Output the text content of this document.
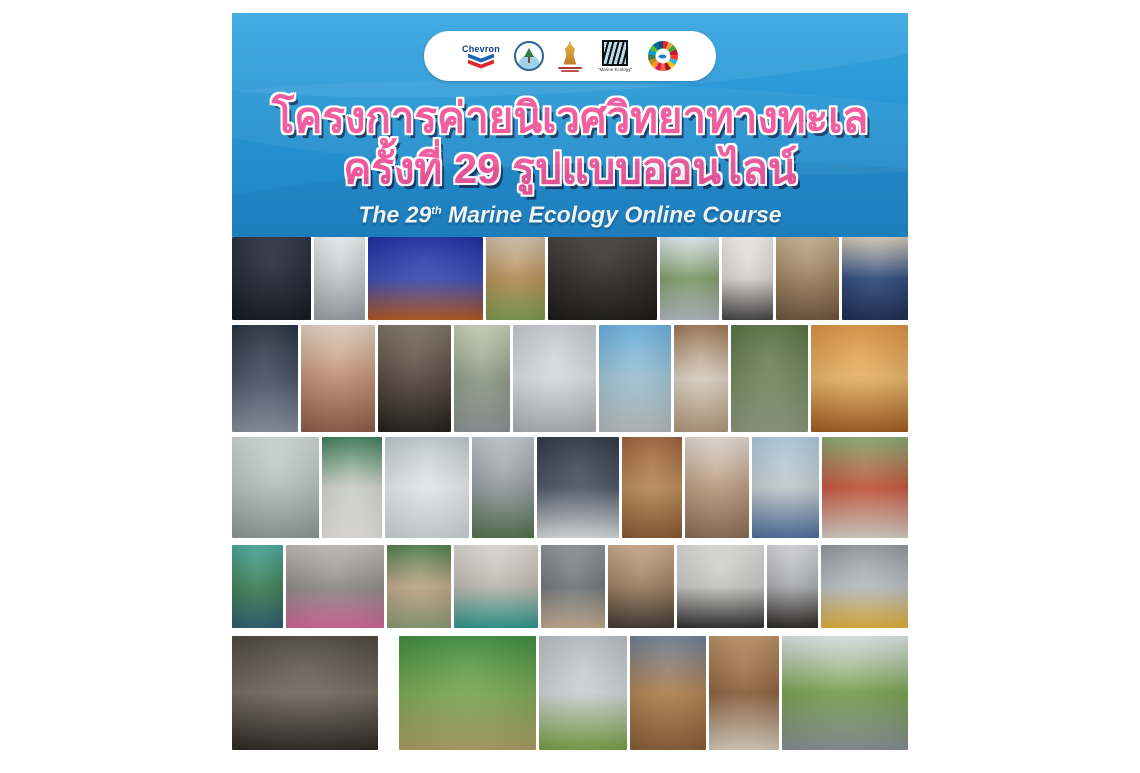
Chevron
"Marine Ecology"
โครงการค่ายนิเวศวิทยาทางทะเล
ครั้งที่ 29 รูปแบบออนไลน์
The 29th Marine Ecology Online Course
